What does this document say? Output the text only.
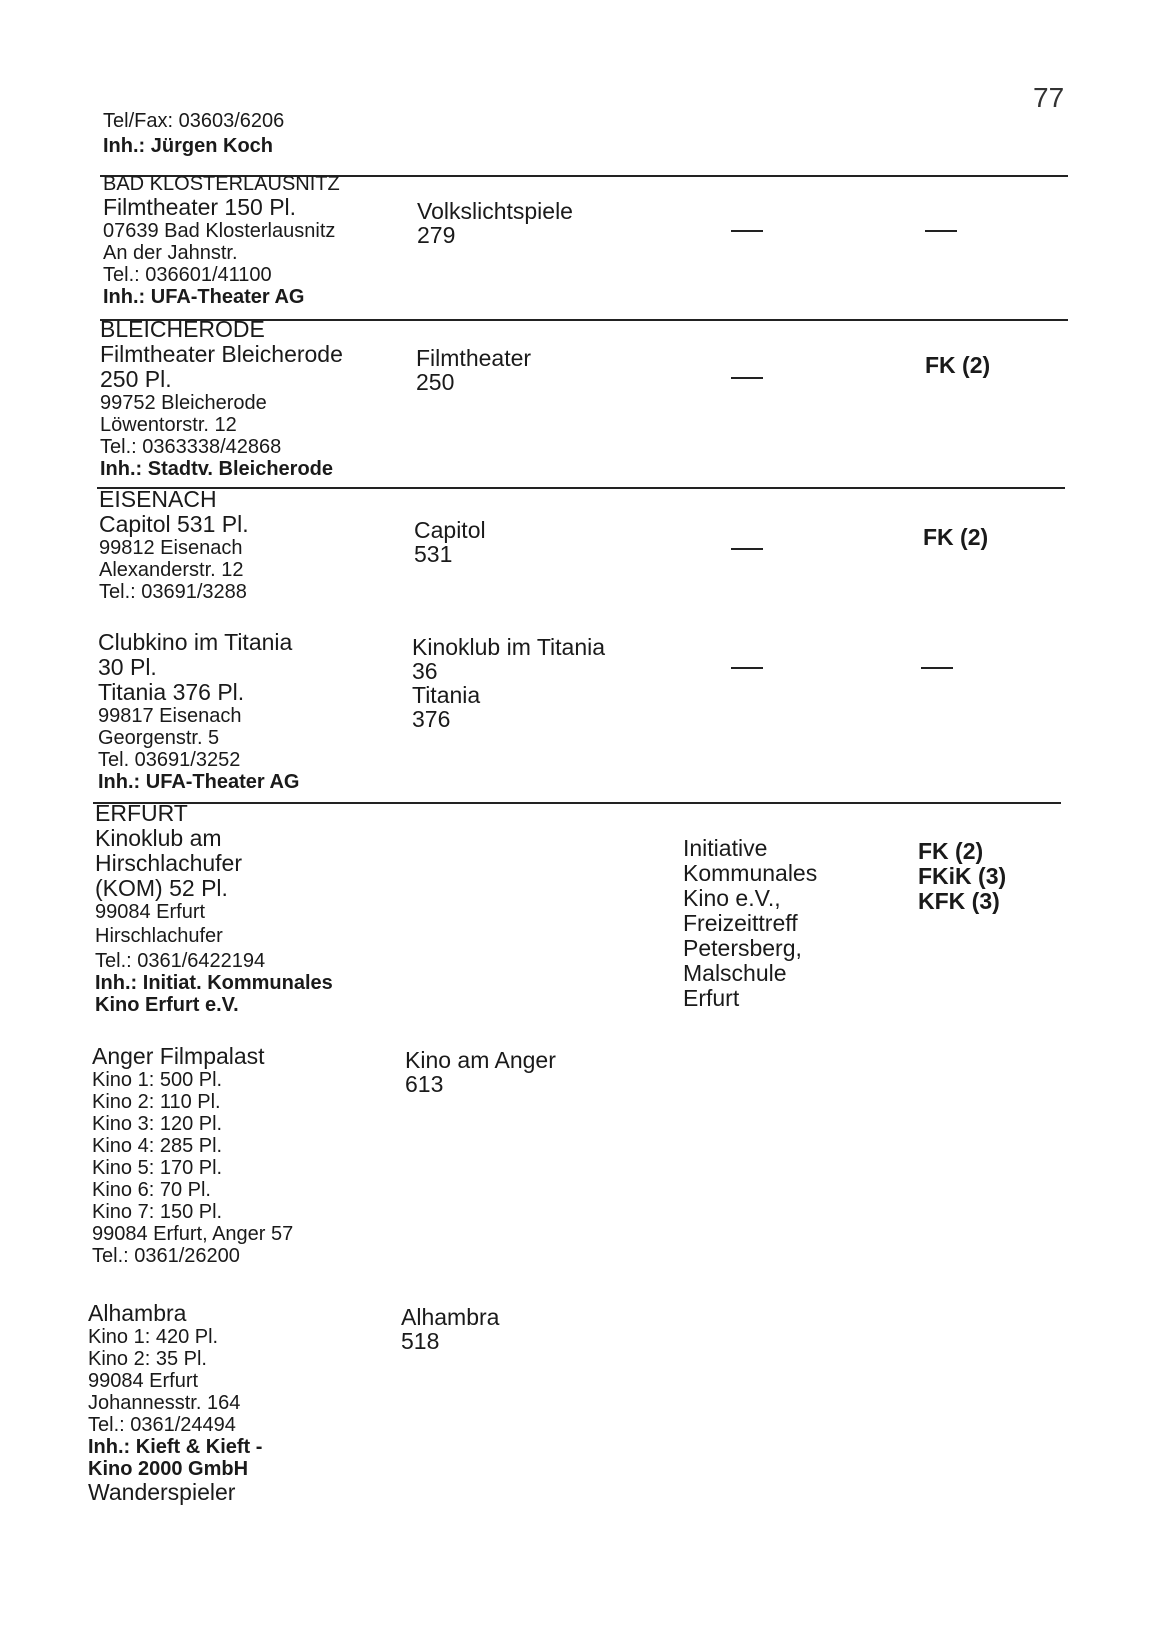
77
Tel/Fax: 03603/6206
Inh.: Jürgen Koch
BAD KLOSTERLAUSNITZ
Filmtheater 150 Pl.
07639 Bad Klosterlausnitz
An der Jahnstr.
Tel.: 036601/41100
Inh.: UFA-Theater AG
Volkslichtspiele
279
BLEICHERODE
Filmtheater Bleicherode
250 Pl.
99752 Bleicherode
Löwentorstr. 12
Tel.: 0363338/42868
Inh.: Stadtv. Bleicherode
Filmtheater
250
FK (2)
EISENACH
Capitol 531 Pl.
99812 Eisenach
Alexanderstr. 12
Tel.: 03691/3288
Capitol
531
FK (2)
Clubkino im Titania
30 Pl.
Titania 376 Pl.
99817 Eisenach
Georgenstr. 5
Tel. 03691/3252
Inh.: UFA-Theater AG
Kinoklub im Titania
36
Titania
376
ERFURT
Kinoklub am
Hirschlachufer
(KOM) 52 Pl.
99084 Erfurt
Hirschlachufer
Tel.: 0361/6422194
Inh.: Initiat. Kommunales
Kino Erfurt e.V.
Initiative
Kommunales
Kino e.V.,
Freizeittreff
Petersberg,
Malschule
Erfurt
FK (2)
FKiK (3)
KFK (3)
Anger Filmpalast
Kino 1: 500 Pl.
Kino 2: 110 Pl.
Kino 3: 120 Pl.
Kino 4: 285 Pl.
Kino 5: 170 Pl.
Kino 6: 70 Pl.
Kino 7: 150 Pl.
99084 Erfurt, Anger 57
Tel.: 0361/26200
Kino am Anger
613
Alhambra
Kino 1: 420 Pl.
Kino 2: 35 Pl.
99084 Erfurt
Johannesstr. 164
Tel.: 0361/24494
Inh.: Kieft & Kieft -
Kino 2000 GmbH
Wanderspieler
Alhambra
518
